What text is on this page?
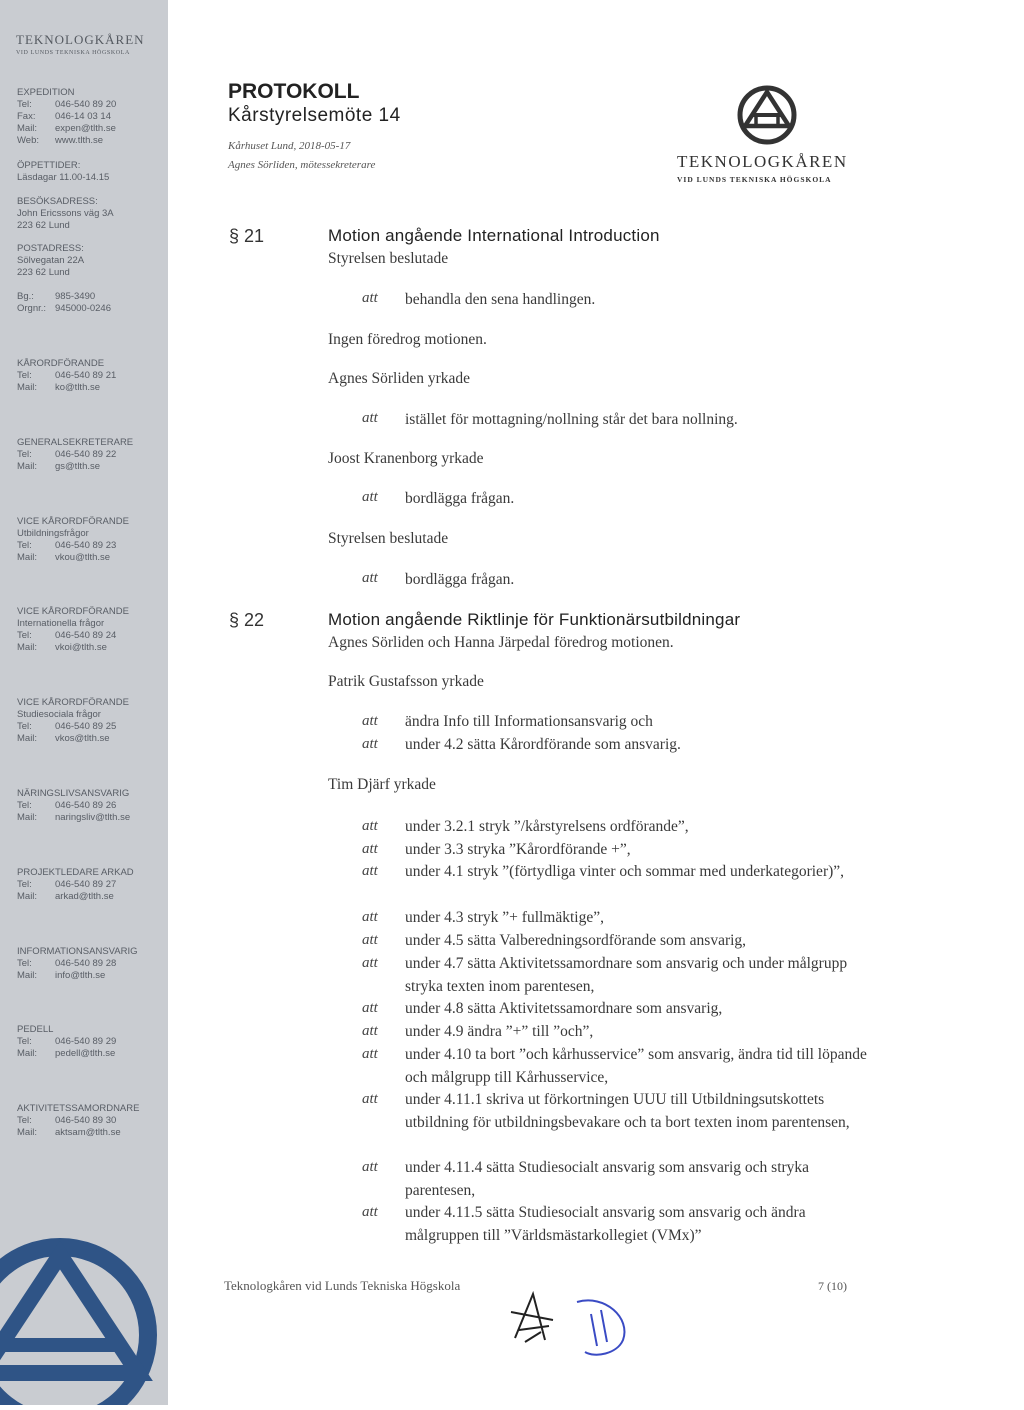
TEKNOLOGKÅREN
VID LUNDS TEKNISKA HÖGSKOLA
EXPEDITION
Tel: 046-540 89 20
Fax: 046-14 03 14
Mail: expen@tlth.se
Web: www.tlth.se
ÖPPETTIDER:
Läsdagar 11.00-14.15
BESÖKSADRESS:
John Ericssons väg 3A
223 62 Lund
POSTADRESS:
Sölvegatan 22A
223 62 Lund
Bg.: 985-3490
Orgnr.: 945000-0246
KÅRORDFÖRANDE
Tel: 046-540 89 21
Mail: ko@tlth.se
GENERALSEKRETERARE
Tel: 046-540 89 22
Mail: gs@tlth.se
VICE KÅRORDFÖRANDE
Utbildningsfrågor
Tel: 046-540 89 23
Mail: vkou@tlth.se
VICE KÅRORDFÖRANDE
Internationella frågor
Tel: 046-540 89 24
Mail: vkoi@tlth.se
VICE KÅRORDFÖRANDE
Studiesociala frågor
Tel: 046-540 89 25
Mail: vkos@tlth.se
NÄRINGSLIVSANSVARIG
Tel: 046-540 89 26
Mail: naringsliv@tlth.se
PROJEKTLEDARE ARKAD
Tel: 046-540 89 27
Mail: arkad@tlth.se
INFORMATIONSANSVARIG
Tel: 046-540 89 28
Mail: info@tlth.se
PEDELL
Tel: 046-540 89 29
Mail: pedell@tlth.se
AKTIVITETSSAMORDNARE
Tel: 046-540 89 30
Mail: aktsam@tlth.se
PROTOKOLL
Kårstyrelsemöte 14
Kårhuset Lund, 2018-05-17
Agnes Sörliden, mötessekreterare	TEKNOLOGKÅREN
VID LUNDS TEKNISKA HÖGSKOLA
§ 21	Motion angående International Introduction
Styrelsen beslutade
att behandla den sena handlingen.
Ingen föredrog motionen.
Agnes Sörliden yrkade
att istället för mottagning/nollning står det bara nollning.
Joost Kranenborg yrkade
att bordlägga frågan.
Styrelsen beslutade
att bordlägga frågan.
§ 22	Motion angående Riktlinje för Funktionärsutbildningar
Agnes Sörliden och Hanna Järpedal föredrog motionen.
Patrik Gustafsson yrkade
att ändra Info till Informationsansvarig och
att under 4.2 sätta Kårordförande som ansvarig.
Tim Djärf yrkade
att under 3.2.1 stryk ”/kårstyrelsens ordförande”,
att under 3.3 stryka ”Kårordförande +”,
att under 4.1 stryk ”(förtydliga vinter och sommar med underkategorier)”,
att under 4.3 stryk ”+ fullmäktige”,
att under 4.5 sätta Valberedningsordförande som ansvarig,
att under 4.7 sätta Aktivitetssamordnare som ansvarig och under målgrupp stryka texten inom parentesen,
att under 4.8 sätta Aktivitetssamordnare som ansvarig,
att under 4.9 ändra ”+” till ”och”,
att under 4.10 ta bort ”och kårhusservice” som ansvarig, ändra tid till löpande och målgrupp till Kårhusservice,
att under 4.11.1 skriva ut förkortningen UUU till Utbildningsutskottets utbildning för utbildningsbevakare och ta bort texten inom parentensen,
att under 4.11.4 sätta Studiesocialt ansvarig som ansvarig och stryka parentesen,
att under 4.11.5 sätta Studiesocialt ansvarig som ansvarig och ändra målgruppen till ”Världsmästarkollegiet (VMx)”
Teknologkåren vid Lunds Tekniska Högskola	7 (10)
